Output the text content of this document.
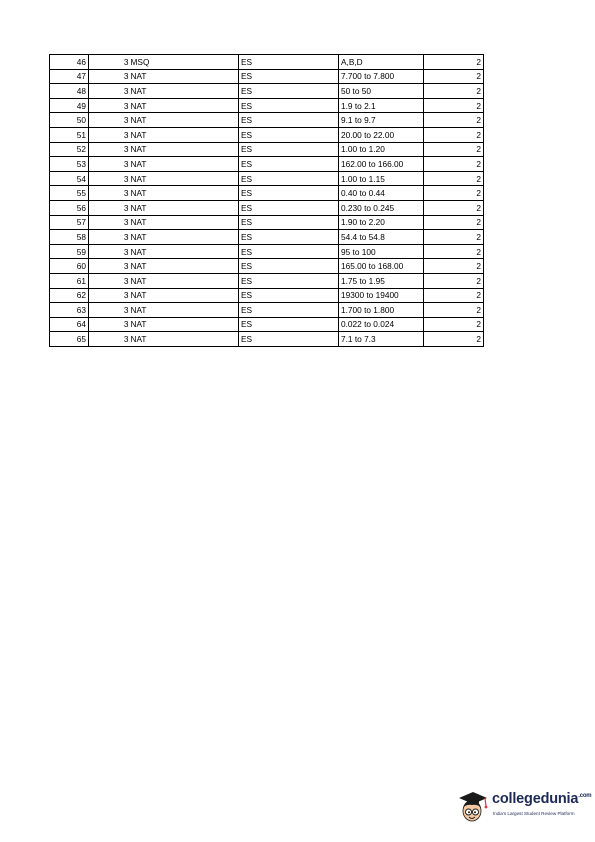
46	3	MSQ	ES	A,B,D	2
47	3	NAT	ES	7.700 to 7.800	2
48	3	NAT	ES	50 to 50	2
49	3	NAT	ES	1.9 to 2.1	2
50	3	NAT	ES	9.1 to 9.7	2
51	3	NAT	ES	20.00 to 22.00	2
52	3	NAT	ES	1.00 to 1.20	2
53	3	NAT	ES	162.00 to 166.00	2
54	3	NAT	ES	1.00 to 1.15	2
55	3	NAT	ES	0.40 to 0.44	2
56	3	NAT	ES	0.230 to 0.245	2
57	3	NAT	ES	1.90 to 2.20	2
58	3	NAT	ES	54.4 to 54.8	2
59	3	NAT	ES	95 to 100	2
60	3	NAT	ES	165.00 to 168.00	2
61	3	NAT	ES	1.75 to 1.95	2
62	3	NAT	ES	19300 to 19400	2
63	3	NAT	ES	1.700 to 1.800	2
64	3	NAT	ES	0.022 to 0.024	2
65	3	NAT	ES	7.1 to 7.3	2
collegedunia$^{.com}$
India's Largest Student Review Platform
